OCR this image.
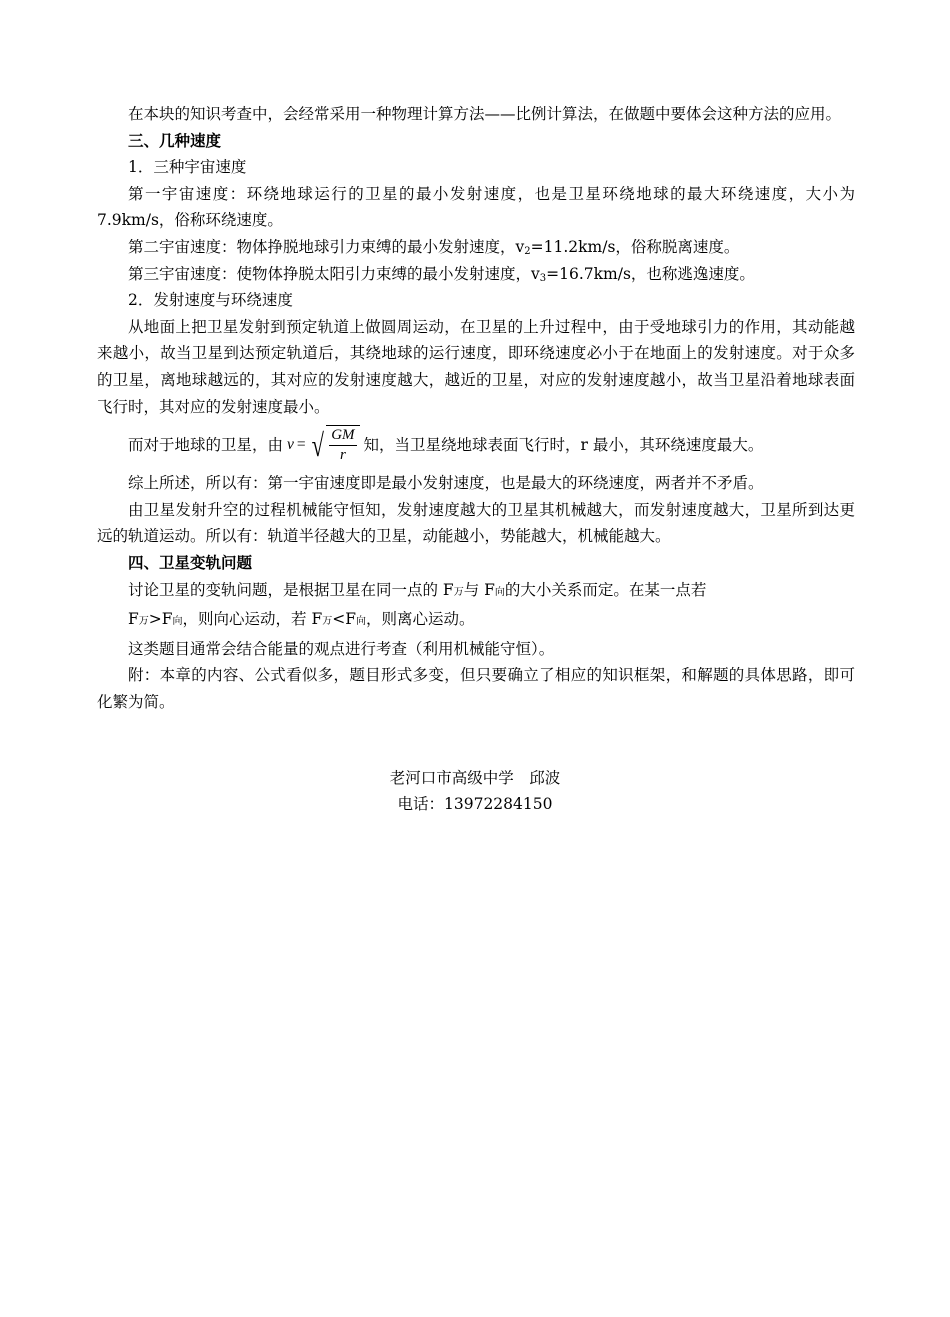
在本块的知识考查中，会经常采用一种物理计算方法——比例计算法，在做题中要体会这种方法的应用。

三、几种速度

1．三种宇宙速度

第一宇宙速度：环绕地球运行的卫星的最小发射速度，也是卫星环绕地球的最大环绕速度，大小为 7.9km/s，俗称环绕速度。

第二宇宙速度：物体挣脱地球引力束缚的最小发射速度，$v_2=11.2km/s$，俗称脱离速度。

第三宇宙速度：使物体挣脱太阳引力束缚的最小发射速度，$v_3=16.7km/s$，也称逃逸速度。

2．发射速度与环绕速度

从地面上把卫星发射到预定轨道上做圆周运动，在卫星的上升过程中，由于受地球引力的作用，其动能越来越小，故当卫星到达预定轨道后，其绕地球的运行速度，即环绕速度必小于在地面上的发射速度。对于众多的卫星，离地球越远的，其对应的发射速度越大，越近的卫星，对应的发射速度越小，故当卫星沿着地球表面飞行时，其对应的发射速度最小。

而对于地球的卫星，由 v = √ $\frac{GM}{r}$ 知，当卫星绕地球表面飞行时，r 最小，其环绕速度最大。

综上所述，所以有：第一宇宙速度即是最小发射速度，也是最大的环绕速度，两者并不矛盾。

由卫星发射升空的过程机械能守恒知，发射速度越大的卫星其机械越大，而发射速度越大，卫星所到达更远的轨道运动。所以有：轨道半径越大的卫星，动能越小，势能越大，机械能越大。

四、卫星变轨问题

讨论卫星的变轨问题，是根据卫星在同一点的 F万与 F向的大小关系而定。在某一点若

F万>F向，则向心运动，若 F万<F向，则离心运动。

这类题目通常会结合能量的观点进行考查（利用机械能守恒）。

附：本章的内容、公式看似多，题目形式多变，但只要确立了相应的知识框架，和解题的具体思路，即可化繁为简。

老河口市高级中学　邱波
电话：13972284150
